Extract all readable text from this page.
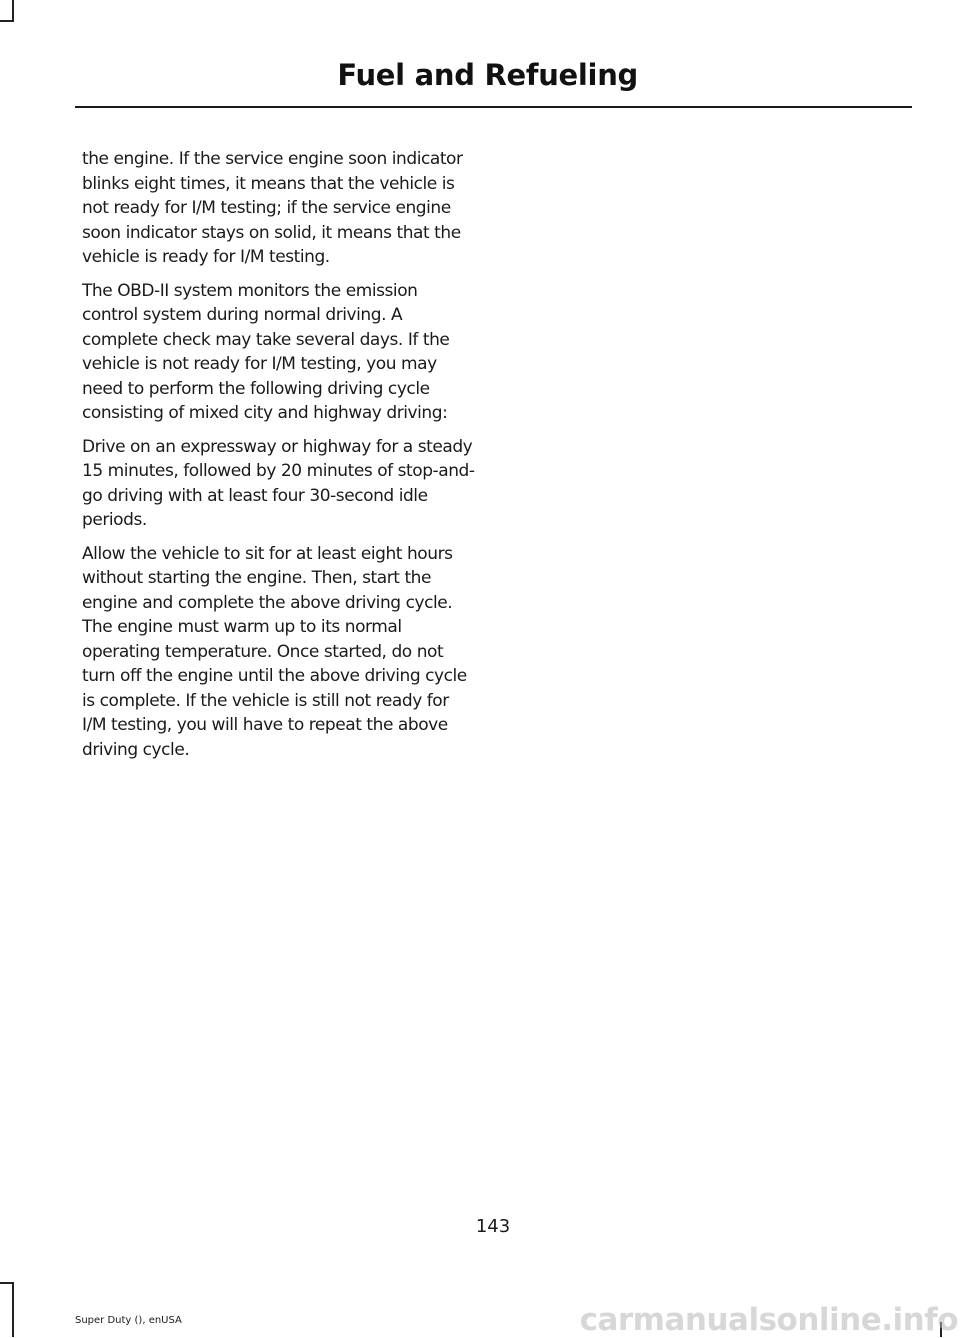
Fuel and Refueling

the engine. If the service engine soon indicator blinks eight times, it means that the vehicle is not ready for I/M testing; if the service engine soon indicator stays on solid, it means that the vehicle is ready for I/M testing.

The OBD-II system monitors the emission control system during normal driving. A complete check may take several days. If the vehicle is not ready for I/M testing, you may need to perform the following driving cycle consisting of mixed city and highway driving:

Drive on an expressway or highway for a steady 15 minutes, followed by 20 minutes of stop-and-go driving with at least four 30-second idle periods.

Allow the vehicle to sit for at least eight hours without starting the engine. Then, start the engine and complete the above driving cycle. The engine must warm up to its normal operating temperature. Once started, do not turn off the engine until the above driving cycle is complete. If the vehicle is still not ready for I/M testing, you will have to repeat the above driving cycle.

143
Super Duty (), enUSA	carmanualsonline.info
